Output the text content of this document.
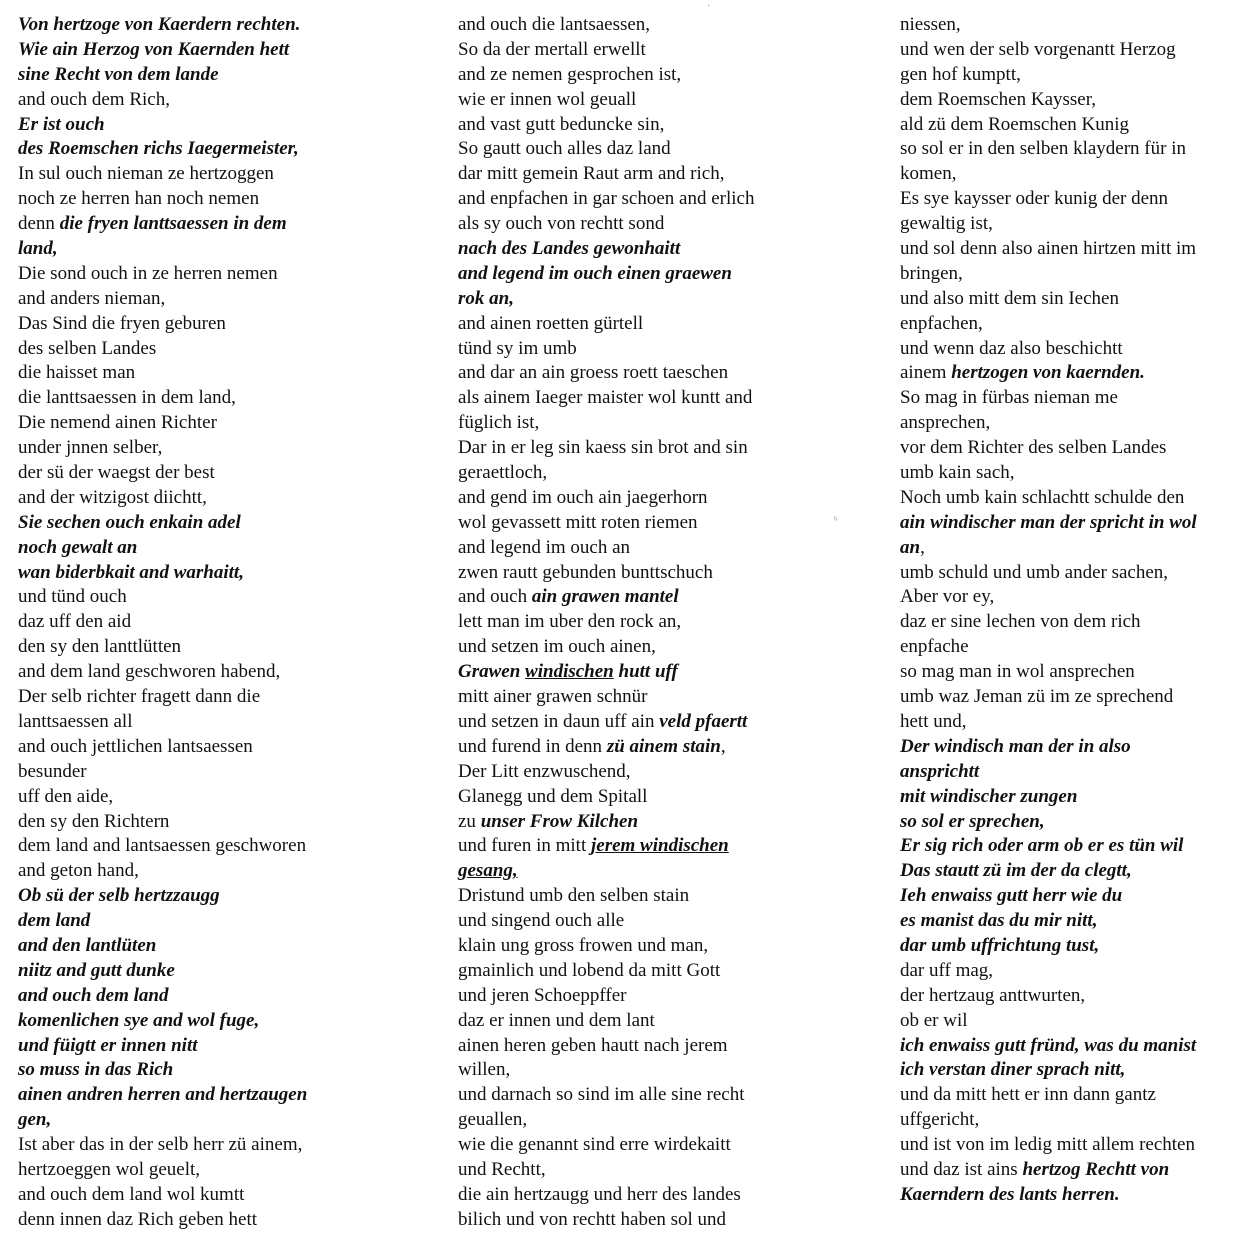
Von hertzoge von Kaerdern rechten.
Wie ain Herzog von Kaernden hett
sine Recht von dem lande
and ouch dem Rich,
Er ist ouch
des Roemschen richs Iaegermeister,
In sul ouch nieman ze hertzoggen
noch ze herren han noch nemen
denn die fryen lanttsaessen in dem
land,
Die sond ouch in ze herren nemen
and anders nieman,
Das Sind die fryen geburen
des selben Landes
die haisset man
die lanttsaessen in dem land,
Die nemend ainen Richter
under jnnen selber,
der sü der waegst der best
and der witzigost diichtt,
Sie sechen ouch enkain adel
noch gewalt an
wan biderbkait and warhaitt,
und tünd ouch
daz uff den aid
den sy den lanttlütten
and dem land geschworen habend,
Der selb richter fragett dann die
lanttsaessen all
and ouch jettlichen lantsaessen
besunder
uff den aide,
den sy den Richtern
dem land and lantsaessen geschworen
and geton hand,
Ob sü der selb hertzzaugg
dem land
and den lantlüten
niitz and gutt dunke
and ouch dem land
komenlichen sye and wol fuge,
und füigtt er innen nitt
so muss in das Rich
ainen andren herren and hertzaugen
gen,
Ist aber das in der selb herr zü ainem,
hertzoeggen wol geuelt,
and ouch dem land wol kumtt
denn innen daz Rich geben hett
and ouch die lantsaessen,
So da der mertall erwellt
and ze nemen gesprochen ist,
wie er innen wol geuall
and vast gutt beduncke sin,
So gautt ouch alles daz land
dar mitt gemein Raut arm and rich,
and enpfachen in gar schoen and erlich
als sy ouch von rechtt sond
nach des Landes gewonhaitt
and legend im ouch einen graewen
rok an,
and ainen roetten gürtell
tünd sy im umb
and dar an ain groess roett taeschen
als ainem Iaeger maister wol kuntt and
füglich ist,
Dar in er leg sin kaess sin brot and sin
geraettloch,
and gend im ouch ain jaegerhorn
wol gevassett mitt roten riemen
and legend im ouch an
zwen rautt gebunden bunttschuch
and ouch ain grawen mantel
lett man im uber den rock an,
und setzen im ouch ainen,
Grawen windischen hutt uff
mitt ainer grawen schnür
und setzen in daun uff ain veld pfaertt
und furend in denn zü ainem stain,
Der Litt enzwuschend,
Glanegg und dem Spitall
zu unser Frow Kilchen
und furen in mitt jerem windischen
gesang,
Dristund umb den selben stain
und singend ouch alle
klain ung gross frowen und man,
gmainlich und lobend da mitt Gott
und jeren Schoeppffer
daz er innen und dem lant
ainen heren geben hautt nach jerem
willen,
und darnach so sind im alle sine recht
geuallen,
wie die genannt sind erre wirdekaitt
und Rechtt,
die ain hertzaugg und herr des landes
bilich und von rechtt haben sol und
niessen,
und wen der selb vorgenantt Herzog
gen hof kumptt,
dem Roemschen Kaysser,
ald zü dem Roemschen Kunig
so sol er in den selben klaydern für in
komen,
Es sye kaysser oder kunig der denn
gewaltig ist,
und sol denn also ainen hirtzen mitt im
bringen,
und also mitt dem sin Iechen
enpfachen,
und wenn daz also beschichtt
ainem hertzogen von kaernden.
So mag in fürbas nieman me
ansprechen,
vor dem Richter des selben Landes
umb kain sach,
Noch umb kain schlachtt schulde den
ain windischer man der spricht in wol
an,
umb schuld und umb ander sachen,
Aber vor ey,
daz er sine lechen von dem rich
enpfache
so mag man in wol ansprechen
umb waz Jeman zü im ze sprechend
hett und,
Der windisch man der in also
ansprichtt
mit windischer zungen
so sol er sprechen,
Er sig rich oder arm ob er es tün wil
Das stautt zü im der da clegtt,
Ieh enwaiss gutt herr wie du
es manist das du mir nitt,
dar umb uffrichtung tust,
dar uff mag,
der hertzaug anttwurten,
ob er wil
ich enwaiss gutt fründ, was du manist
ich verstan diner sprach nitt,
und da mitt hett er inn dann gantz
uffgericht,
und ist von im ledig mitt allem rechten
und daz ist ains hertzog Rechtt von
Kaerndern des lants herren.
·
ᵇ
